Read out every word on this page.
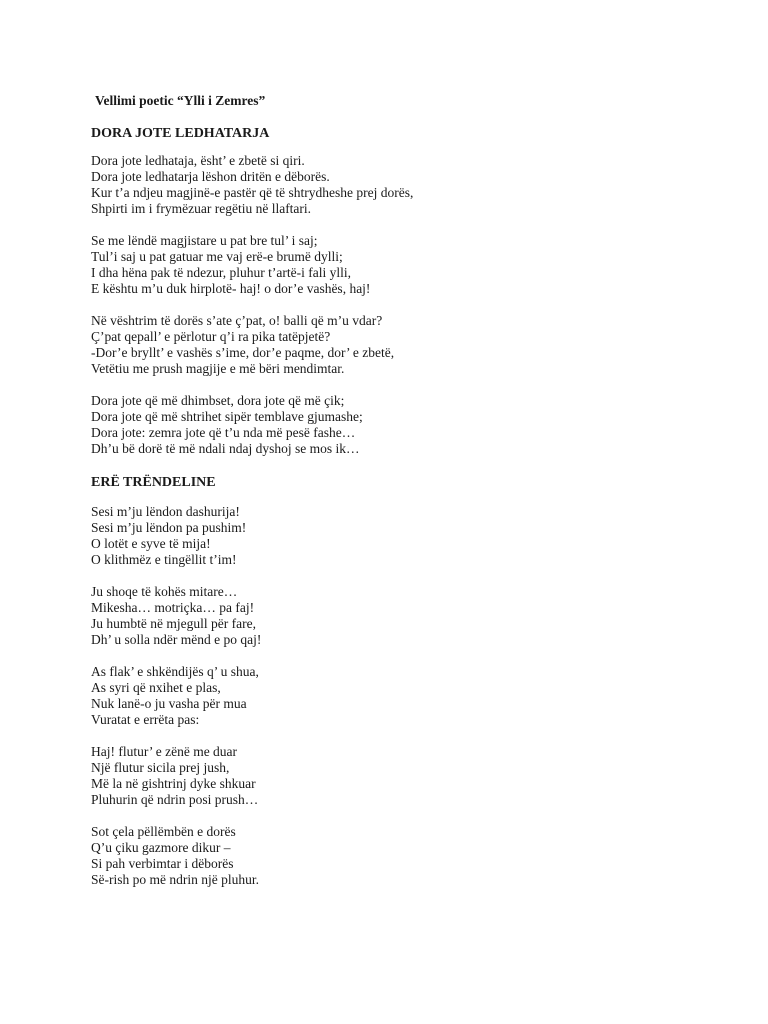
Vellimi poetic “Ylli i Zemres”
DORA JOTE LEDHATARJA
Dora jote ledhataja, ësht’ e zbetë si qiri.
Dora jote ledhatarja lëshon dritën e dëborës.
Kur t’a ndjeu magjinë-e pastër që të shtrydheshe prej dorës,
Shpirti im i frymëzuar regëtiu në llaftari.
Se me lëndë magjistare u pat bre tul’ i saj;
Tul’i saj u pat gatuar me vaj erë-e brumë dylli;
I dha hëna pak të ndezur, pluhur t’artë-i fali ylli,
E kështu m’u duk hirplotë- haj! o dor’e vashës, haj!
Në vështrim të dorës s’ate ç’pat, o! balli që m’u vdar?
Ç’pat qepall’ e përlotur q’i ra pika tatëpjetë?
-Dor’e bryllt’ e vashës s’ime, dor’e paqme, dor’ e zbetë,
Vetëtiu me prush magjije e më bëri mendimtar.
Dora jote që më dhimbset, dora jote që më çik;
Dora jote që më shtrihet sipër temblave gjumashe;
Dora jote: zemra jote që t’u nda më pesë fashe…
Dh’u bë dorë të më ndali ndaj dyshoj se mos ik…
ERË TRËNDELINE
Sesi m’ju lëndon dashurija!
Sesi m’ju lëndon pa pushim!
O lotët e syve të mija!
O klithmëz e tingëllit t’im!
Ju shoqe të kohës mitare…
Mikesha… motriçka… pa faj!
Ju humbtë në mjegull për fare,
Dh’ u solla ndër mënd e po qaj!
As flak’ e shkëndijës q’ u shua,
As syri që nxihet e plas,
Nuk lanë-o ju vasha për mua
Vuratat e errëta pas:
Haj! flutur’ e zënë me duar
Një flutur sicila prej jush,
Më la në gishtrinj dyke shkuar
Pluhurin që ndrin posi prush…
Sot çela pëllëmbën e dorës
Q’u çiku gazmore dikur –
Si pah verbimtar i dëborës
Së-rish po më ndrin një pluhur.
